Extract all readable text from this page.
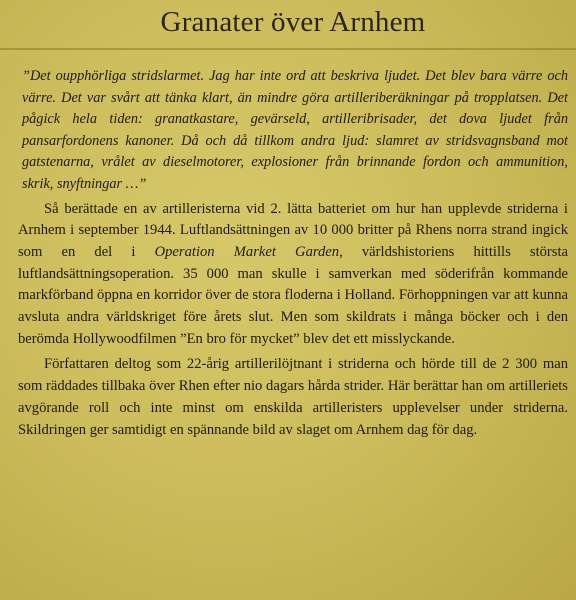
Granater över Arnhem

”Det oupphörliga stridslarmet. Jag har inte ord att beskriva ljudet. Det blev bara värre och värre. Det var svårt att tänka klart, än mindre göra artilleriberäkningar på tropplatsen. Det pågick hela tiden: granatkastare, gevärseld, artilleribrisader, det dova ljudet från pansarfordonens kanoner. Då och då tillkom andra ljud: slamret av stridsvagnsband mot gatstenarna, vrålet av dieselmotorer, explosioner från brinnande fordon och ammunition, skrik, snyftningar …”

Så berättade en av artilleristerna vid 2. lätta batteriet om hur han upplevde striderna i Arnhem i september 1944. Luftlandsättningen av 10 000 britter på Rhens norra strand ingick som en del i Operation Market Garden, världshistoriens hittills största luftlandsättningsoperation. 35 000 man skulle i samverkan med söderifrån kommande markförband öppna en korridor över de stora floderna i Holland. Förhoppningen var att kunna avsluta andra världskriget före årets slut. Men som skildrats i många böcker och i den berömda Hollywoodfilmen ”En bro för mycket” blev det ett misslyckande.

Författaren deltog som 22-årig artillerilöjtnant i striderna och hörde till de 2 300 man som räddades tillbaka över Rhen efter nio dagars hårda strider. Här berättar han om artilleriets avgörande roll och inte minst om enskilda artilleristers upplevelser under striderna. Skildringen ger samtidigt en spännande bild av slaget om Arnhem dag för dag.
